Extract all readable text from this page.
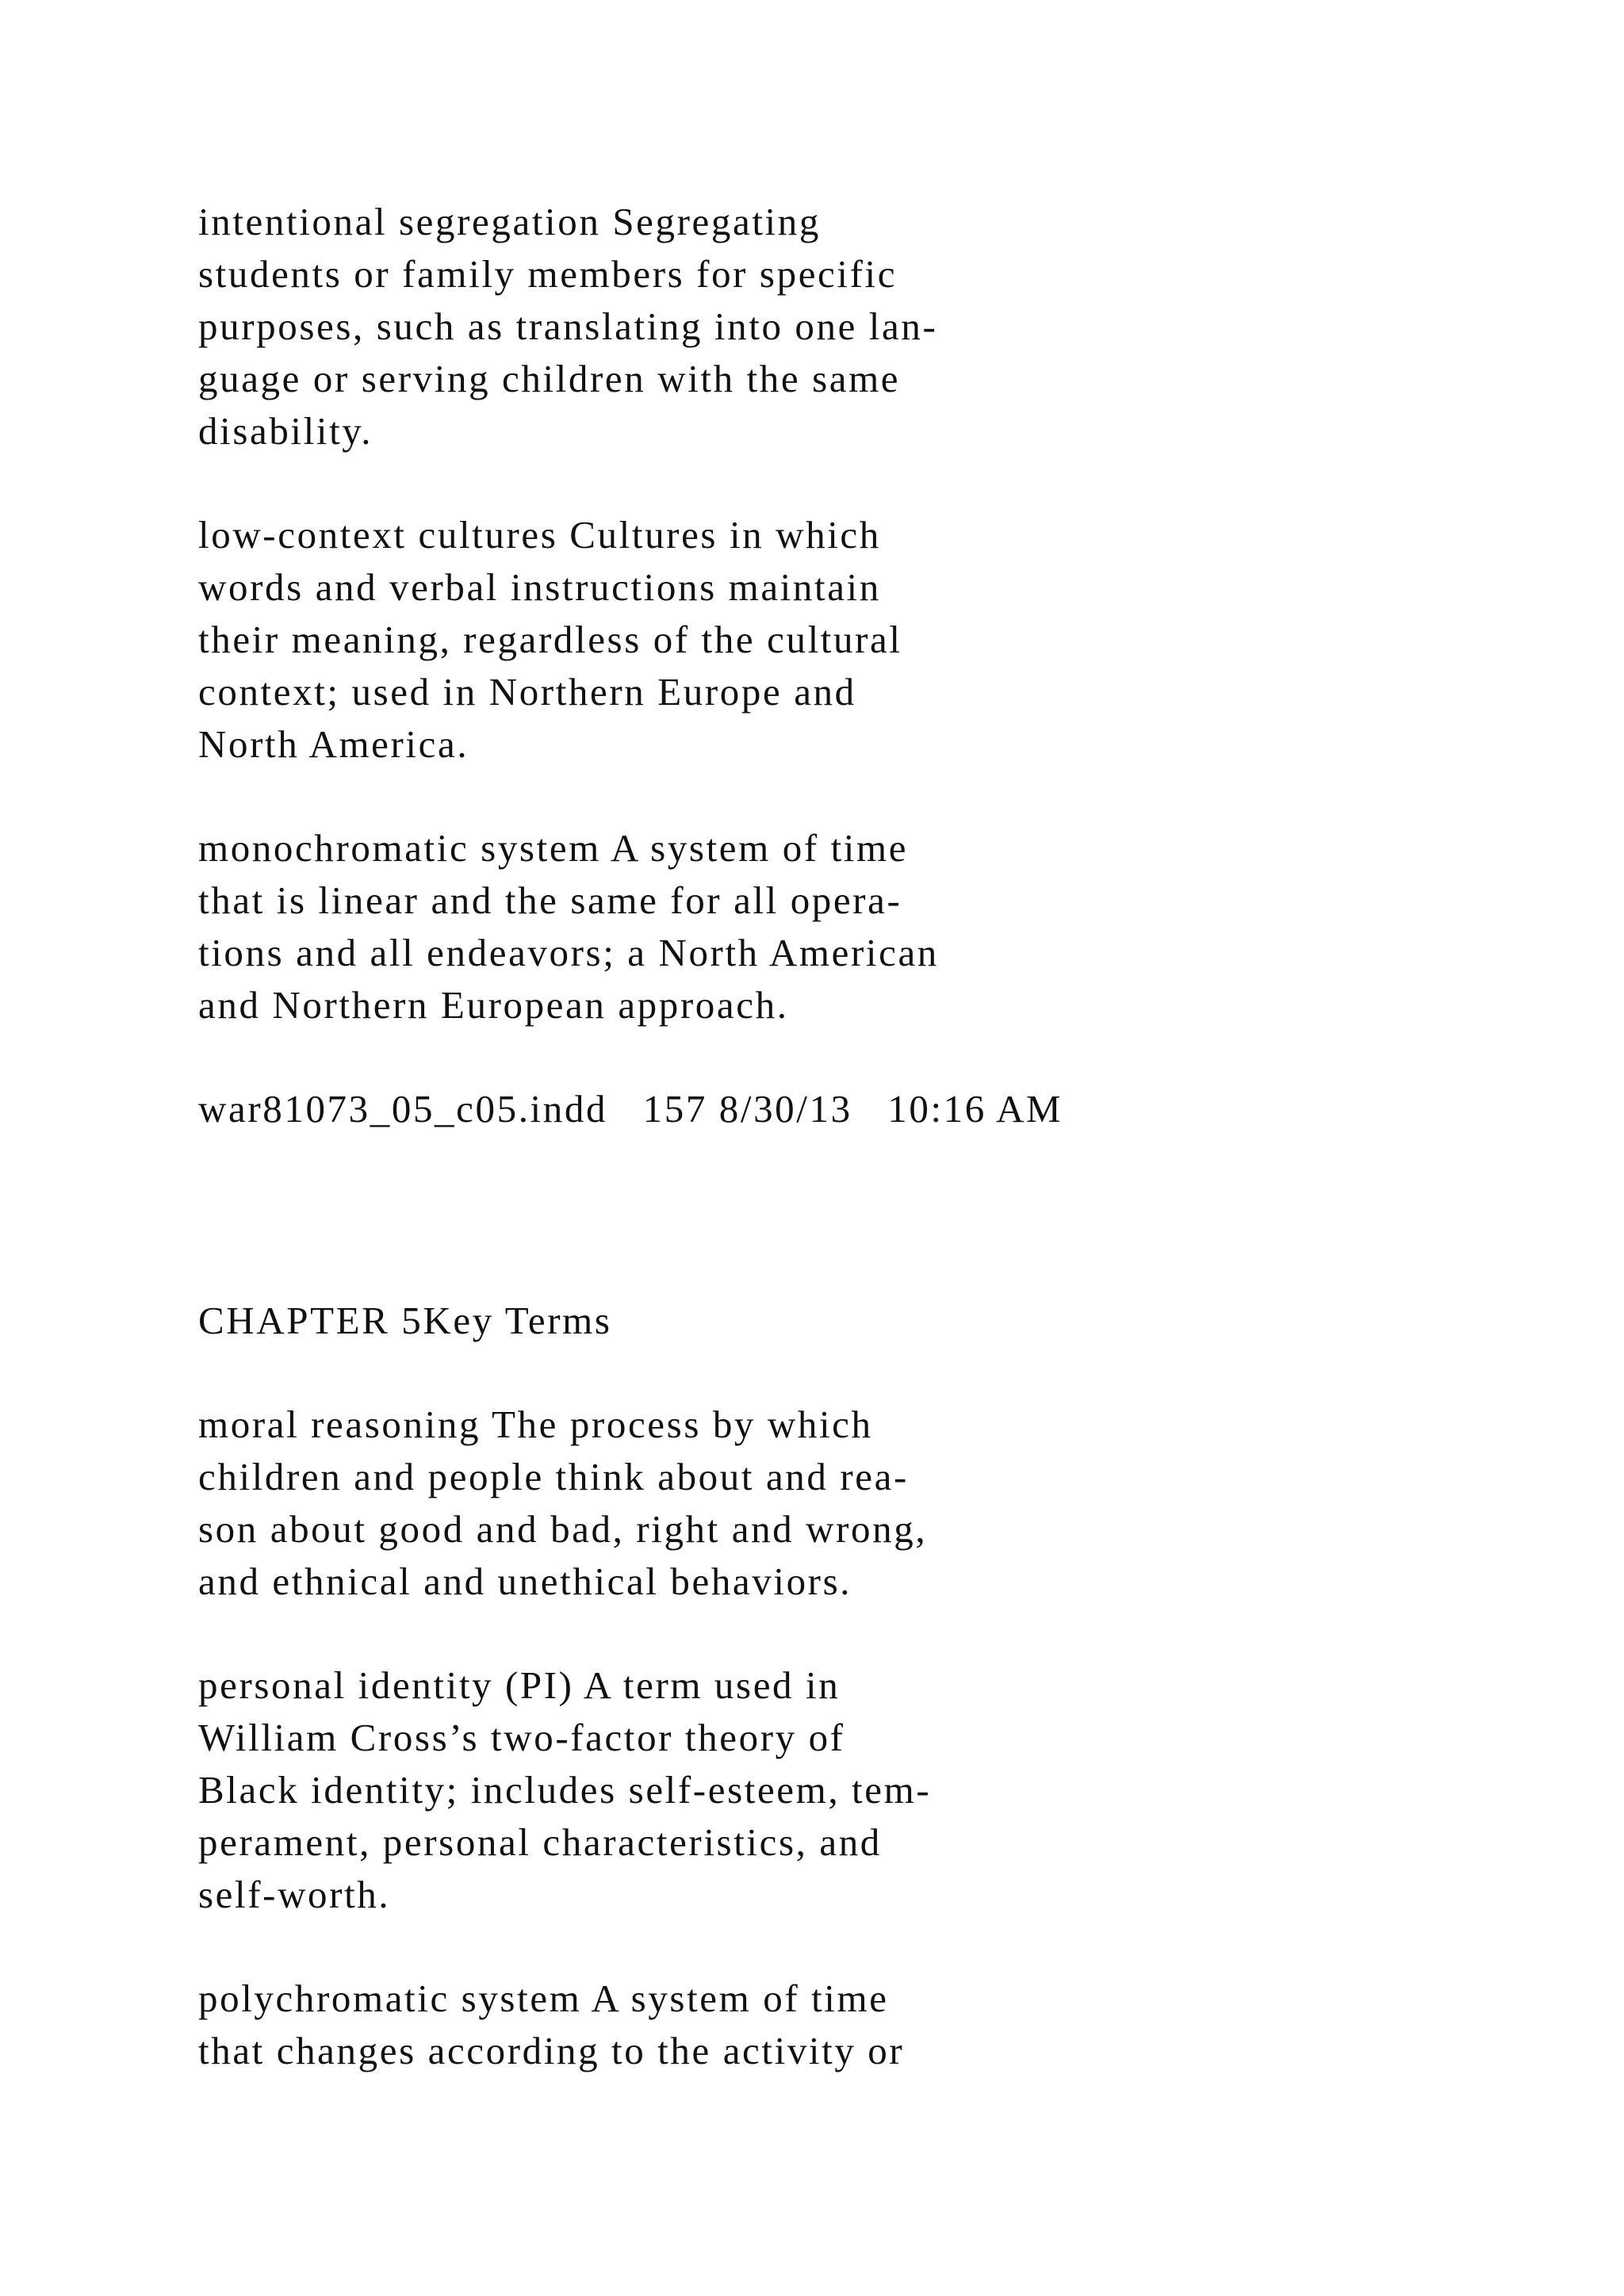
intentional segregation Segregating

students or family members for specific

purposes, such as translating into one lan-

guage or serving children with the same

disability.

low-context cultures Cultures in which

words and verbal instructions maintain

their meaning, regardless of the cultural

context; used in Northern Europe and

North America.

monochromatic system A system of time

that is linear and the same for all opera-

tions and all endeavors; a North American

and Northern European approach.

war81073_05_c05.indd   157 8/30/13   10:16 AM

CHAPTER 5Key Terms

moral reasoning The process by which

children and people think about and rea-

son about good and bad, right and wrong,

and ethnical and unethical behaviors.

personal identity (PI) A term used in

William Cross’s two-factor theory of

Black identity; includes self-esteem, tem-

perament, personal characteristics, and

self-worth.

polychromatic system A system of time

that changes according to the activity or
